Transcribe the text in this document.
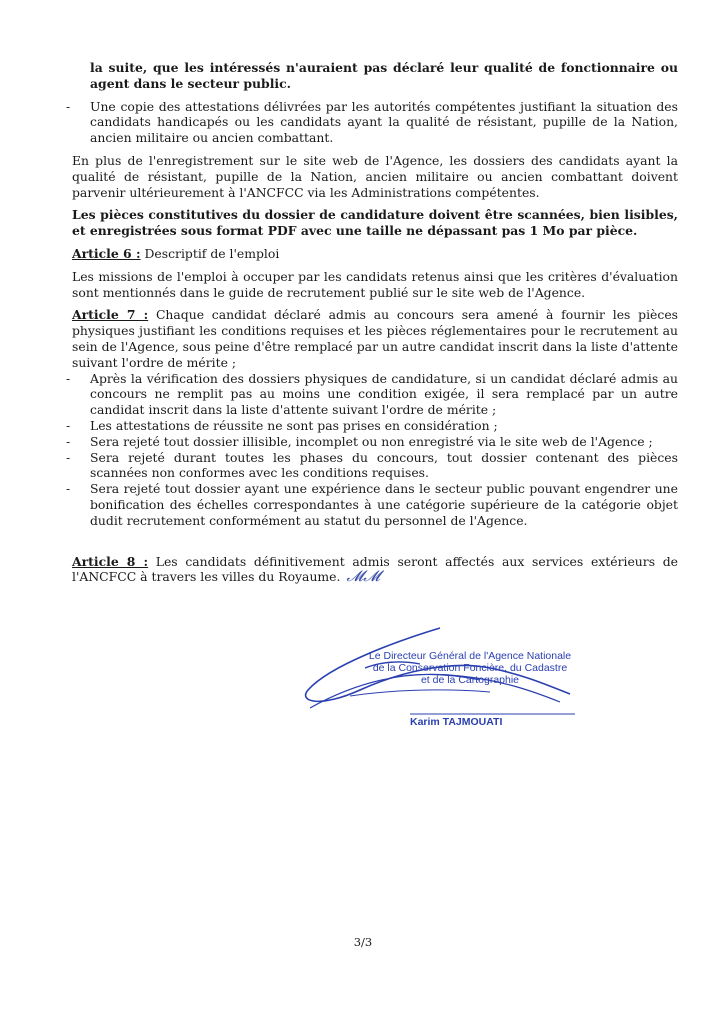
la suite, que les intéressés n'auraient pas déclaré leur qualité de fonctionnaire ou agent dans le secteur public.

- Une copie des attestations délivrées par les autorités compétentes justifiant la situation des candidats handicapés ou les candidats ayant la qualité de résistant, pupille de la Nation, ancien militaire ou ancien combattant.

En plus de l'enregistrement sur le site web de l'Agence, les dossiers des candidats ayant la qualité de résistant, pupille de la Nation, ancien militaire ou ancien combattant doivent parvenir ultérieurement à l'ANCFCC via les Administrations compétentes.

Les pièces constitutives du dossier de candidature doivent être scannées, bien lisibles, et enregistrées sous format PDF avec une taille ne dépassant pas 1 Mo par pièce.

Article 6 : Descriptif de l'emploi

Les missions de l'emploi à occuper par les candidats retenus ainsi que les critères d'évaluation sont mentionnés dans le guide de recrutement publié sur le site web de l'Agence.

Article 7 : Chaque candidat déclaré admis au concours sera amené à fournir les pièces physiques justifiant les conditions requises et les pièces réglementaires pour le recrutement au sein de l'Agence, sous peine d'être remplacé par un autre candidat inscrit dans la liste d'attente suivant l'ordre de mérite ;

- Après la vérification des dossiers physiques de candidature, si un candidat déclaré admis au concours ne remplit pas au moins une condition exigée, il sera remplacé par un autre candidat inscrit dans la liste d'attente suivant l'ordre de mérite ;
- Les attestations de réussite ne sont pas prises en considération ;
- Sera rejeté tout dossier illisible, incomplet ou non enregistré via le site web de l'Agence ;
- Sera rejeté durant toutes les phases du concours, tout dossier contenant des pièces scannées non conformes avec les conditions requises.
- Sera rejeté tout dossier ayant une expérience dans le secteur public pouvant engendrer une bonification des échelles correspondantes à une catégorie supérieure de la catégorie objet dudit recrutement conformément au statut du personnel de l'Agence.

Article 8 : Les candidats définitivement admis seront affectés aux services extérieurs de l'ANCFCC à travers les villes du Royaume. 𝓜𝓜

Le Directeur Général de l'Agence Nationale
de la Conservation Foncière, du Cadastre
et de la Cartographie
Karim TAJMOUATI
3/3
